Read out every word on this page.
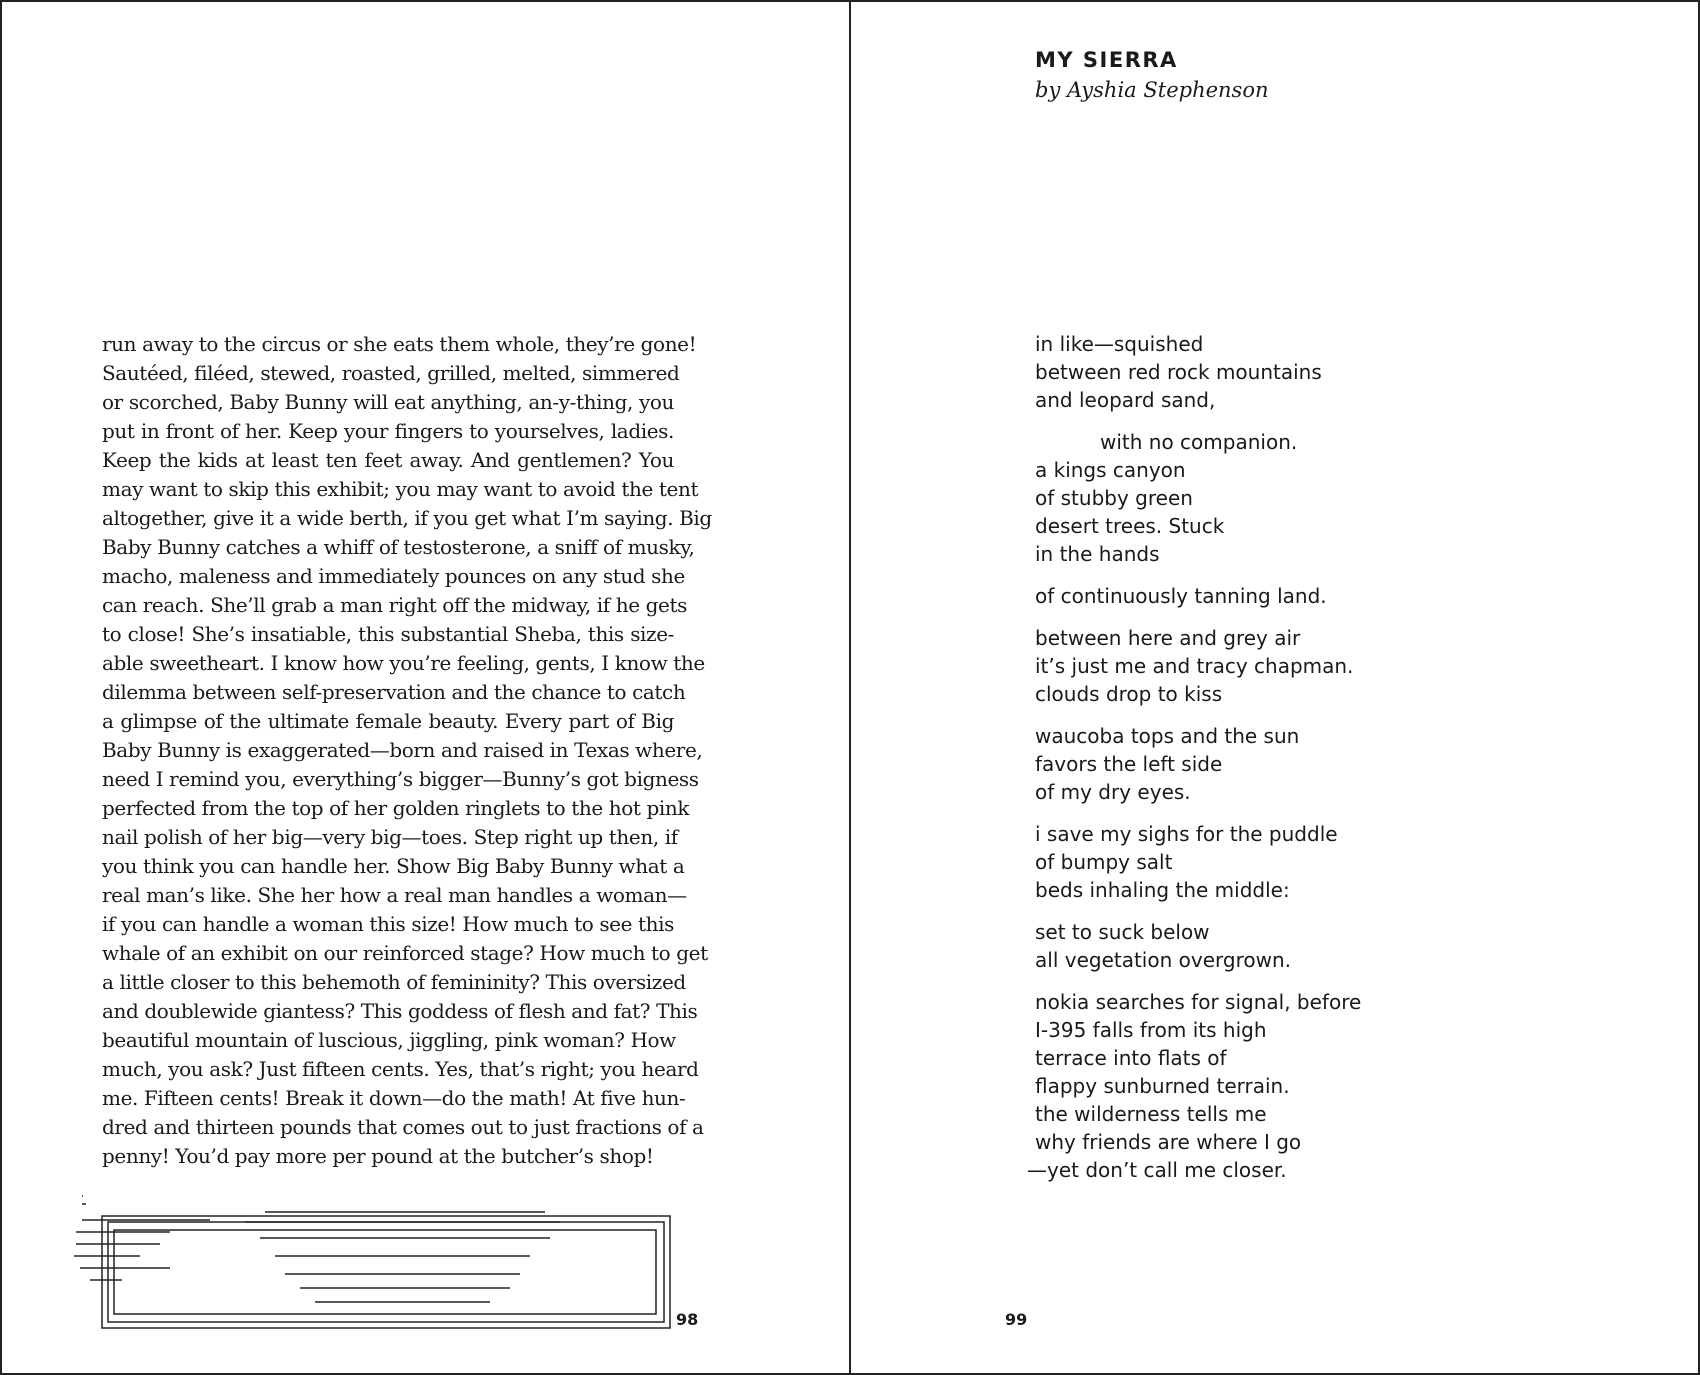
run away to the circus or she eats them whole, they’re gone!
Sautéed, filéed, stewed, roasted, grilled, melted, simmered
or scorched, Baby Bunny will eat anything, an-y-thing, you
put in front of her. Keep your fingers to yourselves, ladies.
Keep the kids at least ten feet away. And gentlemen? You
may want to skip this exhibit; you may want to avoid the tent
altogether, give it a wide berth, if you get what I’m saying. Big
Baby Bunny catches a whiff of testosterone, a sniff of musky,
macho, maleness and immediately pounces on any stud she
can reach. She’ll grab a man right off the midway, if he gets
to close! She’s insatiable, this substantial Sheba, this size-
able sweetheart. I know how you’re feeling, gents, I know the
dilemma between self-preservation and the chance to catch
a glimpse of the ultimate female beauty. Every part of Big
Baby Bunny is exaggerated—born and raised in Texas where,
need I remind you, everything’s bigger—Bunny’s got bigness
perfected from the top of her golden ringlets to the hot pink
nail polish of her big—very big—toes. Step right up then, if
you think you can handle her. Show Big Baby Bunny what a
real man’s like. She her how a real man handles a woman—
if you can handle a woman this size! How much to see this
whale of an exhibit on our reinforced stage? How much to get
a little closer to this behemoth of femininity? This oversized
and doublewide giantess? This goddess of flesh and fat? This
beautiful mountain of luscious, jiggling, pink woman? How
much, you ask? Just fifteen cents. Yes, that’s right; you heard
me. Fifteen cents! Break it down—do the math! At five hun-
dred and thirteen pounds that comes out to just fractions of a
penny! You’d pay more per pound at the butcher’s shop!
98
MY SIERRA
by Ayshia Stephenson
in like—squished
between red rock mountains
and leopard sand,
with no companion.
a kings canyon
of stubby green
desert trees. Stuck
in the hands
of continuously tanning land.
between here and grey air
it’s just me and tracy chapman.
clouds drop to kiss
waucoba tops and the sun
favors the left side
of my dry eyes.
i save my sighs for the puddle
of bumpy salt
beds inhaling the middle:
set to suck below
all vegetation overgrown.
nokia searches for signal, before
I-395 falls from its high
terrace into flats of
flappy sunburned terrain.
the wilderness tells me
why friends are where I go
—yet don’t call me closer.
99
